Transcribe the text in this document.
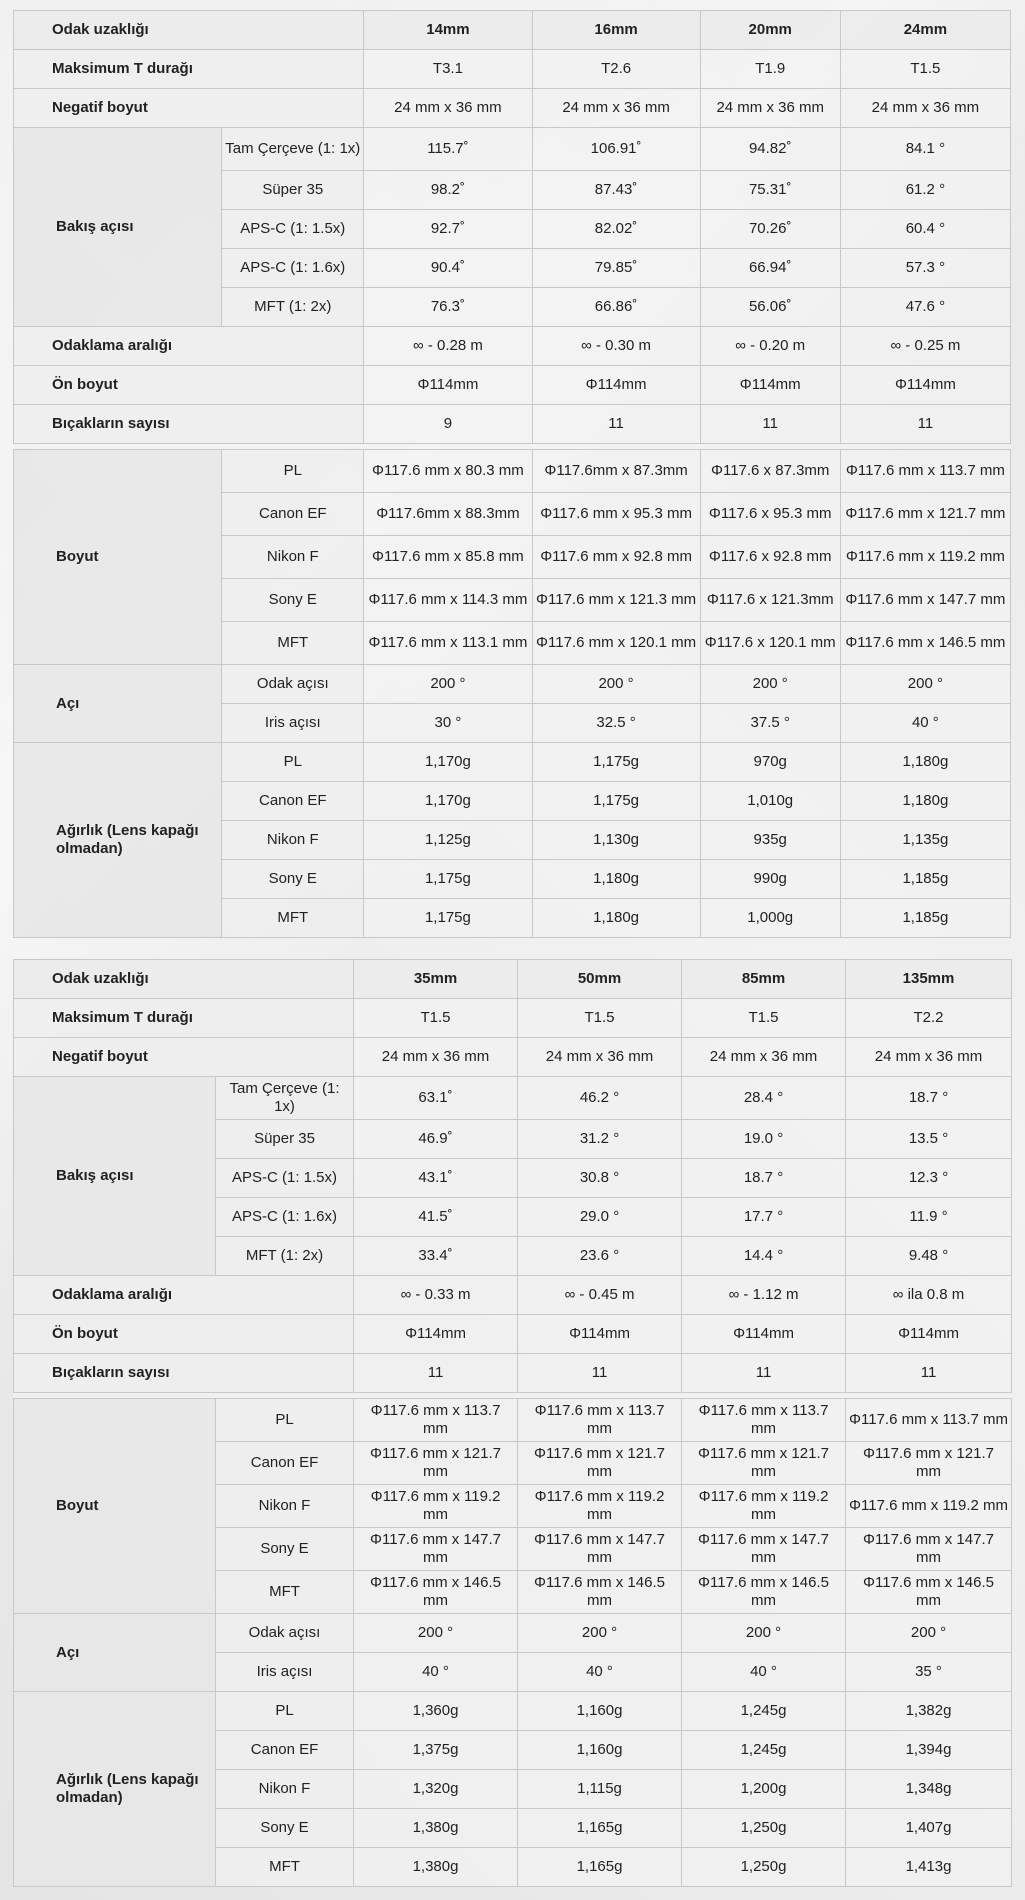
Odak uzaklığı		14mm	16mm	20mm	24mm
Maksimum T durağı		T3.1	T2.6	T1.9	T1.5
Negatif boyut		24 mm x 36 mm	24 mm x 36 mm	24 mm x 36 mm	24 mm x 36 mm
Bakış açısı	Tam Çerçeve (1: 1x)	115.7˚	106.91˚	94.82˚	84.1 °
	Süper 35	98.2˚	87.43˚	75.31˚	61.2 °
	APS-C (1: 1.5x)	92.7˚	82.02˚	70.26˚	60.4 °
	APS-C (1: 1.6x)	90.4˚	79.85˚	66.94˚	57.3 °
	MFT (1: 2x)	76.3˚	66.86˚	56.06˚	47.6 °
Odaklama aralığı		∞ - 0.28 m	∞ - 0.30 m	∞ - 0.20 m	∞ - 0.25 m
Ön boyut		Φ114mm	Φ114mm	Φ114mm	Φ114mm
Bıçakların sayısı		9	11	11	11

Boyut	PL	Φ117.6 mm x 80.3 mm	Φ117.6mm x 87.3mm	Φ117.6 x 87.3mm	Φ117.6 mm x 113.7 mm
	Canon EF	Φ117.6mm x 88.3mm	Φ117.6 mm x 95.3 mm	Φ117.6 x 95.3 mm	Φ117.6 mm x 121.7 mm
	Nikon F	Φ117.6 mm x 85.8 mm	Φ117.6 mm x 92.8 mm	Φ117.6 x 92.8 mm	Φ117.6 mm x 119.2 mm
	Sony E	Φ117.6 mm x 114.3 mm	Φ117.6 mm x 121.3 mm	Φ117.6 x 121.3mm	Φ117.6 mm x 147.7 mm
	MFT	Φ117.6 mm x 113.1 mm	Φ117.6 mm x 120.1 mm	Φ117.6 x 120.1 mm	Φ117.6 mm x 146.5 mm
Açı	Odak açısı	200 °	200 °	200 °	200 °
	Iris açısı	30 °	32.5 °	37.5 °	40 °
Ağırlık (Lens kapağı olmadan)	PL	1,170g	1,175g	970g	1,180g
	Canon EF	1,170g	1,175g	1,010g	1,180g
	Nikon F	1,125g	1,130g	935g	1,135g
	Sony E	1,175g	1,180g	990g	1,185g
	MFT	1,175g	1,180g	1,000g	1,185g
Odak uzaklığı		35mm	50mm	85mm	135mm
Maksimum T durağı		T1.5	T1.5	T1.5	T2.2
Negatif boyut		24 mm x 36 mm	24 mm x 36 mm	24 mm x 36 mm	24 mm x 36 mm
Bakış açısı	Tam Çerçeve (1: 1x)	63.1˚	46.2 °	28.4 °	18.7 °
	Süper 35	46.9˚	31.2 °	19.0 °	13.5 °
	APS-C (1: 1.5x)	43.1˚	30.8 °	18.7 °	12.3 °
	APS-C (1: 1.6x)	41.5˚	29.0 °	17.7 °	11.9 °
	MFT (1: 2x)	33.4˚	23.6 °	14.4 °	9.48 °
Odaklama aralığı		∞ - 0.33 m	∞ - 0.45 m	∞ - 1.12 m	∞ ila 0.8 m
Ön boyut		Φ114mm	Φ114mm	Φ114mm	Φ114mm
Bıçakların sayısı		11	11	11	11

Boyut	PL	Φ117.6 mm x 113.7 mm	Φ117.6 mm x 113.7 mm	Φ117.6 mm x 113.7 mm	Φ117.6 mm x 113.7 mm
	Canon EF	Φ117.6 mm x 121.7 mm	Φ117.6 mm x 121.7 mm	Φ117.6 mm x 121.7 mm	Φ117.6 mm x 121.7 mm
	Nikon F	Φ117.6 mm x 119.2 mm	Φ117.6 mm x 119.2 mm	Φ117.6 mm x 119.2 mm	Φ117.6 mm x 119.2 mm
	Sony E	Φ117.6 mm x 147.7 mm	Φ117.6 mm x 147.7 mm	Φ117.6 mm x 147.7 mm	Φ117.6 mm x 147.7 mm
	MFT	Φ117.6 mm x 146.5 mm	Φ117.6 mm x 146.5 mm	Φ117.6 mm x 146.5 mm	Φ117.6 mm x 146.5 mm
Açı	Odak açısı	200 °	200 °	200 °	200 °
	Iris açısı	40 °	40 °	40 °	35 °
Ağırlık (Lens kapağı olmadan)	PL	1,360g	1,160g	1,245g	1,382g
	Canon EF	1,375g	1,160g	1,245g	1,394g
	Nikon F	1,320g	1,115g	1,200g	1,348g
	Sony E	1,380g	1,165g	1,250g	1,407g
	MFT	1,380g	1,165g	1,250g	1,413g
